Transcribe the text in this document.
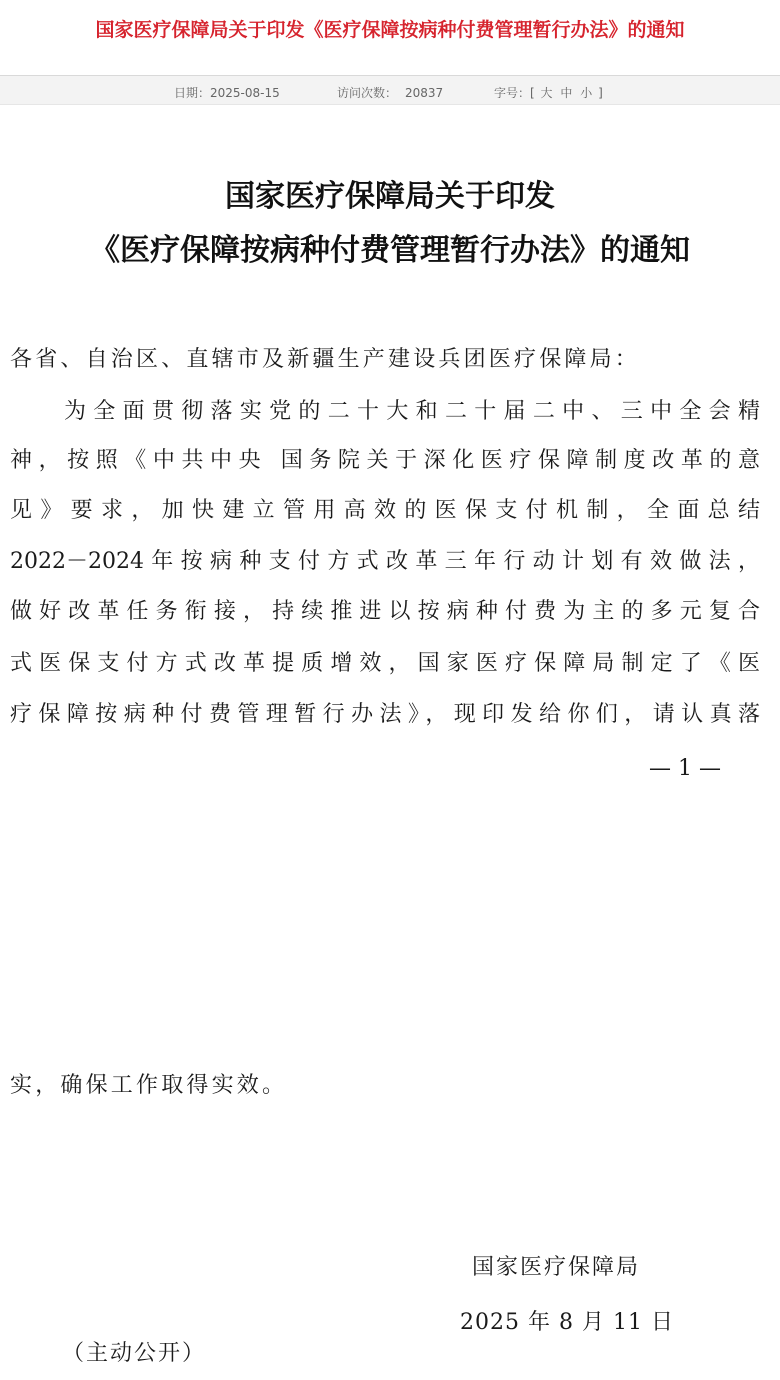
国家医疗保障局关于印发《医疗保障按病种付费管理暂行办法》的通知
日期：2025-08-15	访问次数： 20837	字号：[ 大 中 小 ]
国家医疗保障局关于印发
《医疗保障按病种付费管理暂行办法》的通知
各省、自治区、直辖市及新疆生产建设兵团医疗保障局：
为全面贯彻落实党的二十大和二十届二中、三中全会精
神，按照《中共中央 国务院关于深化医疗保障制度改革的意
见》要求，加快建立管用高效的医保支付机制，全面总结
2022－2024年按病种支付方式改革三年行动计划有效做法，
做好改革任务衔接，持续推进以按病种付费为主的多元复合
式医保支付方式改革提质增效，国家医疗保障局制定了《医
疗保障按病种付费管理暂行办法》，现印发给你们，请认真落
— 1 —
实，确保工作取得实效。
国家医疗保障局
2025 年 8 月 11 日
（主动公开）
